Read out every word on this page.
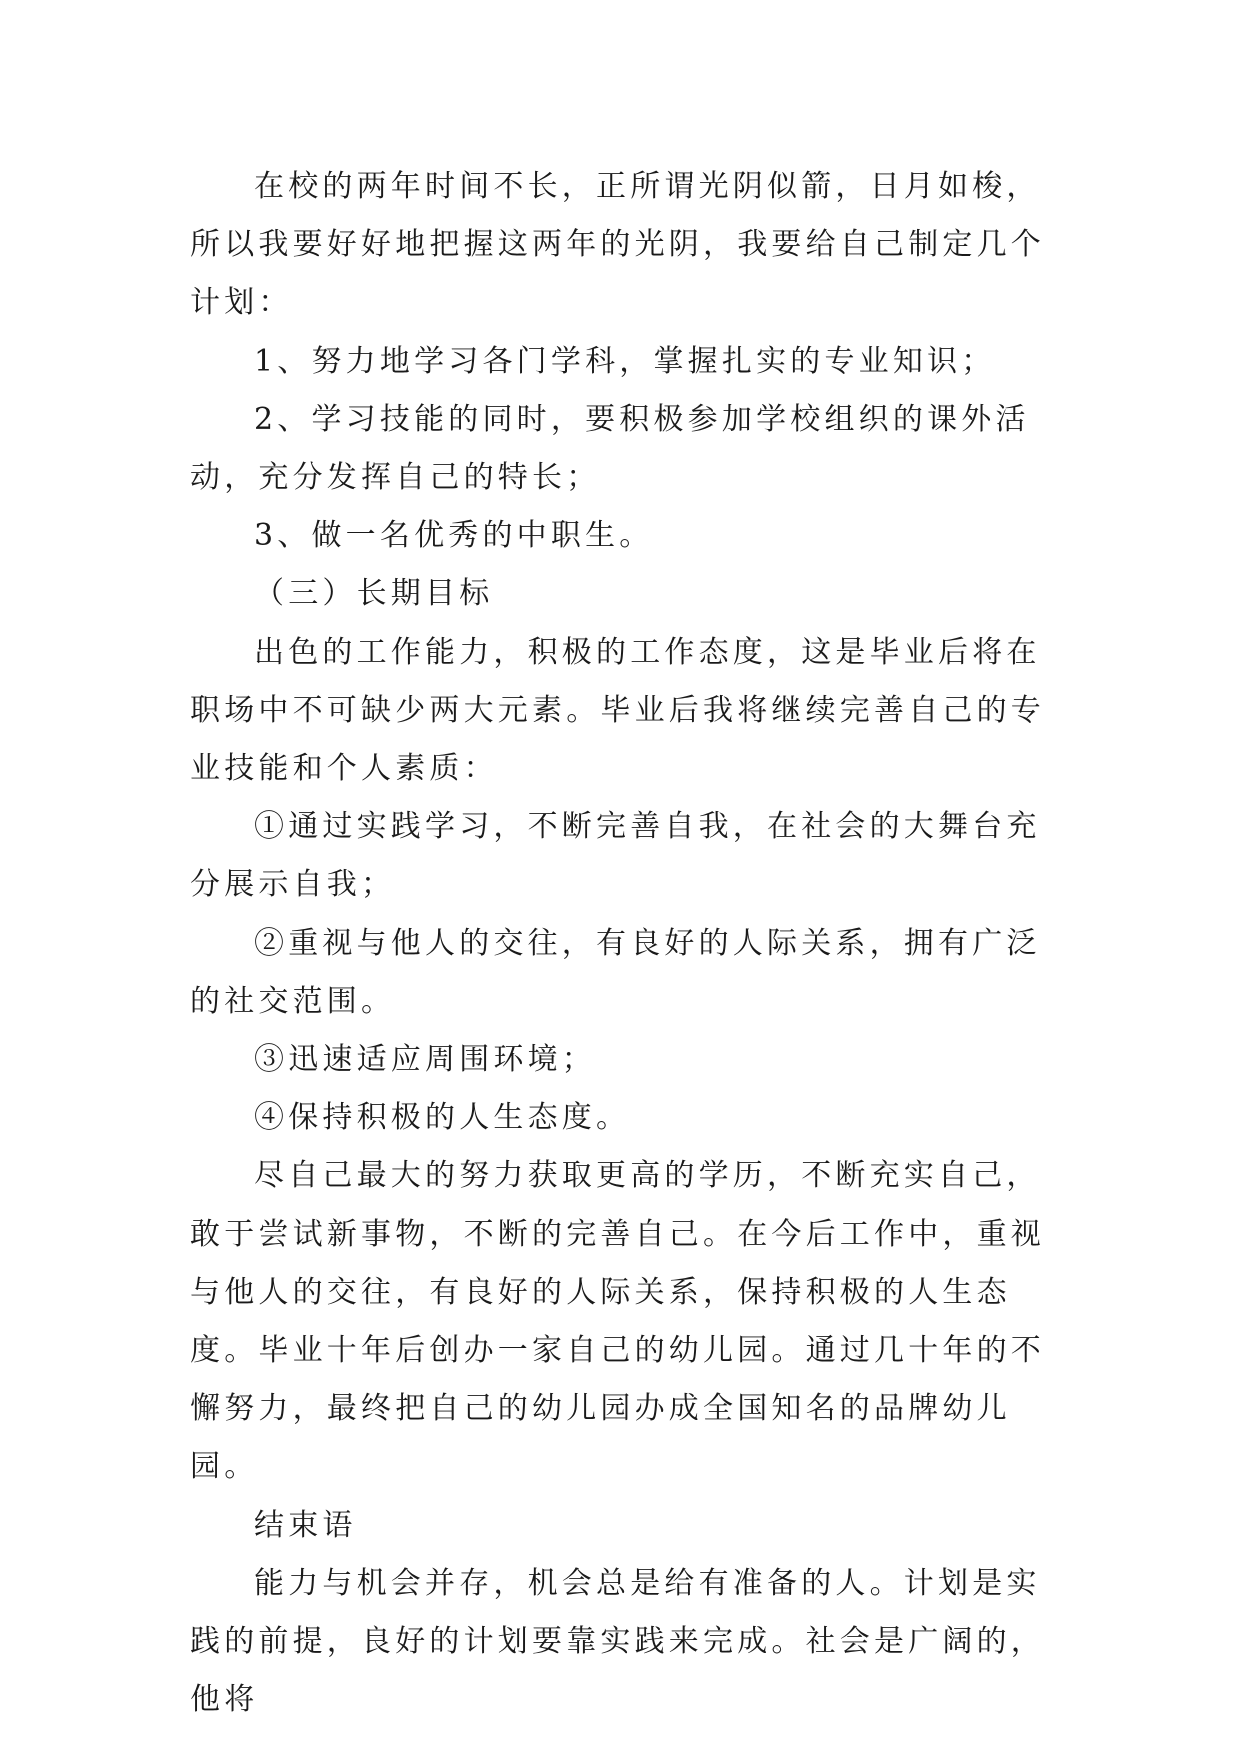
在校的两年时间不长，正所谓光阴似箭，日月如梭，所以我要好好地把握这两年的光阴，我要给自己制定几个计划：

1、努力地学习各门学科，掌握扎实的专业知识；

2、学习技能的同时，要积极参加学校组织的课外活动，充分发挥自己的特长；

3、做一名优秀的中职生。

（三）长期目标

出色的工作能力，积极的工作态度，这是毕业后将在职场中不可缺少两大元素。毕业后我将继续完善自己的专业技能和个人素质：

①通过实践学习，不断完善自我，在社会的大舞台充分展示自我；

②重视与他人的交往，有良好的人际关系，拥有广泛的社交范围。

③迅速适应周围环境；

④保持积极的人生态度。

尽自己最大的努力获取更高的学历，不断充实自己，敢于尝试新事物，不断的完善自己。在今后工作中，重视与他人的交往，有良好的人际关系，保持积极的人生态度。毕业十年后创办一家自己的幼儿园。通过几十年的不懈努力，最终把自己的幼儿园办成全国知名的品牌幼儿园。

结束语

能力与机会并存，机会总是给有准备的人。计划是实践的前提，良好的计划要靠实践来完成。社会是广阔的，他将
